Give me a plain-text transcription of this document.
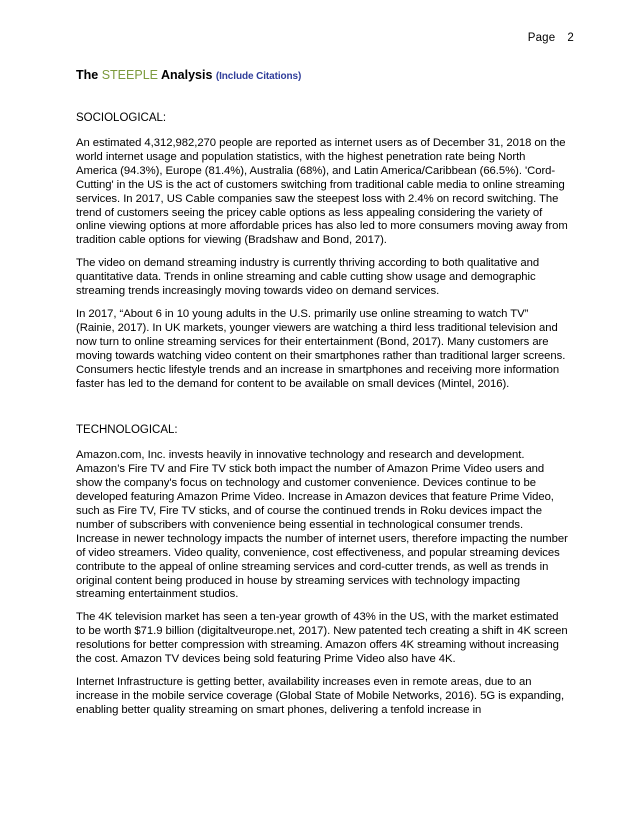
Page 2
The STEEPLE Analysis (Include Citations)
SOCIOLOGICAL:

An estimated 4,312,982,270 people are reported as internet users as of December 31, 2018 on the world internet usage and population statistics, with the highest penetration rate being North America (94.3%), Europe (81.4%), Australia (68%), and Latin America/Caribbean (66.5%). 'Cord-Cutting' in the US is the act of customers switching from traditional cable media to online streaming services. In 2017, US Cable companies saw the steepest loss with 2.4% on record switching. The trend of customers seeing the pricey cable options as less appealing considering the variety of online viewing options at more affordable prices has also led to more consumers moving away from tradition cable options for viewing (Bradshaw and Bond, 2017).

The video on demand streaming industry is currently thriving according to both qualitative and quantitative data. Trends in online streaming and cable cutting show usage and demographic streaming trends increasingly moving towards video on demand services.

In 2017, “About 6 in 10 young adults in the U.S. primarily use online streaming to watch TV” (Rainie, 2017). In UK markets, younger viewers are watching a third less traditional television and now turn to online streaming services for their entertainment (Bond, 2017). Many customers are moving towards watching video content on their smartphones rather than traditional larger screens. Consumers hectic lifestyle trends and an increase in smartphones and receiving more information faster has led to the demand for content to be available on small devices (Mintel, 2016).

TECHNOLOGICAL:

Amazon.com, Inc. invests heavily in innovative technology and research and development. Amazon’s Fire TV and Fire TV stick both impact the number of Amazon Prime Video users and show the company's focus on technology and customer convenience. Devices continue to be developed featuring Amazon Prime Video. Increase in Amazon devices that feature Prime Video, such as Fire TV, Fire TV sticks, and of course the continued trends in Roku devices impact the number of subscribers with convenience being essential in technological consumer trends. Increase in newer technology impacts the number of internet users, therefore impacting the number of video streamers. Video quality, convenience, cost effectiveness, and popular streaming devices contribute to the appeal of online streaming services and cord-cutter trends, as well as trends in original content being produced in house by streaming services with technology impacting streaming entertainment studios.

The 4K television market has seen a ten-year growth of 43% in the US, with the market estimated to be worth $71.9 billion (digitaltveurope.net, 2017). New patented tech creating a shift in 4K screen resolutions for better compression with streaming. Amazon offers 4K streaming without increasing the cost. Amazon TV devices being sold featuring Prime Video also have 4K.

Internet Infrastructure is getting better, availability increases even in remote areas, due to an increase in the mobile service coverage (Global State of Mobile Networks, 2016). 5G is expanding, enabling better quality streaming on smart phones, delivering a tenfold increase in
